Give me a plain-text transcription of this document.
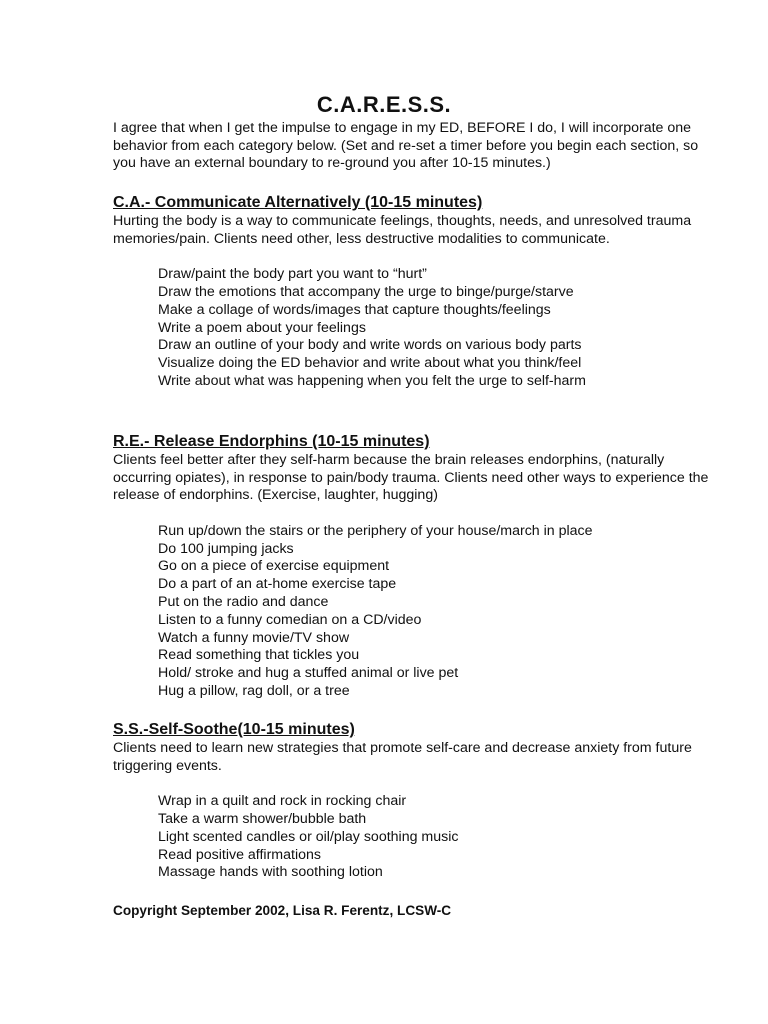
C.A.R.E.S.S.
I agree that when I get the impulse to engage in my ED, BEFORE I do, I will incorporate one behavior from each category below. (Set and re-set a timer before you begin each section, so you have an external boundary to re-ground you after 10-15 minutes.)

C.A.- Communicate Alternatively (10-15 minutes)

Hurting the body is a way to communicate feelings, thoughts, needs, and unresolved trauma memories/pain. Clients need other, less destructive modalities to communicate.

Draw/paint the body part you want to “hurt”
Draw the emotions that accompany the urge to binge/purge/starve
Make a collage of words/images that capture thoughts/feelings
Write a poem about your feelings
Draw an outline of your body and write words on various body parts
Visualize doing the ED behavior and write about what you think/feel
Write about what was happening when you felt the urge to self-harm

R.E.- Release Endorphins (10-15 minutes)

Clients feel better after they self-harm because the brain releases endorphins, (naturally occurring opiates), in response to pain/body trauma. Clients need other ways to experience the release of endorphins. (Exercise, laughter, hugging)

Run up/down the stairs or the periphery of your house/march in place
Do 100 jumping jacks
Go on a piece of exercise equipment
Do a part of an at-home exercise tape
Put on the radio and dance
Listen to a funny comedian on a CD/video
Watch a funny movie/TV show
Read something that tickles you
Hold/ stroke and hug a stuffed animal or live pet
Hug a pillow, rag doll, or a tree

S.S.-Self-Soothe(10-15 minutes)

Clients need to learn new strategies that promote self-care and decrease anxiety from future triggering events.

Wrap in a quilt and rock in rocking chair
Take a warm shower/bubble bath
Light scented candles or oil/play soothing music
Read positive affirmations
Massage hands with soothing lotion
Copyright September 2002, Lisa R. Ferentz, LCSW-C
